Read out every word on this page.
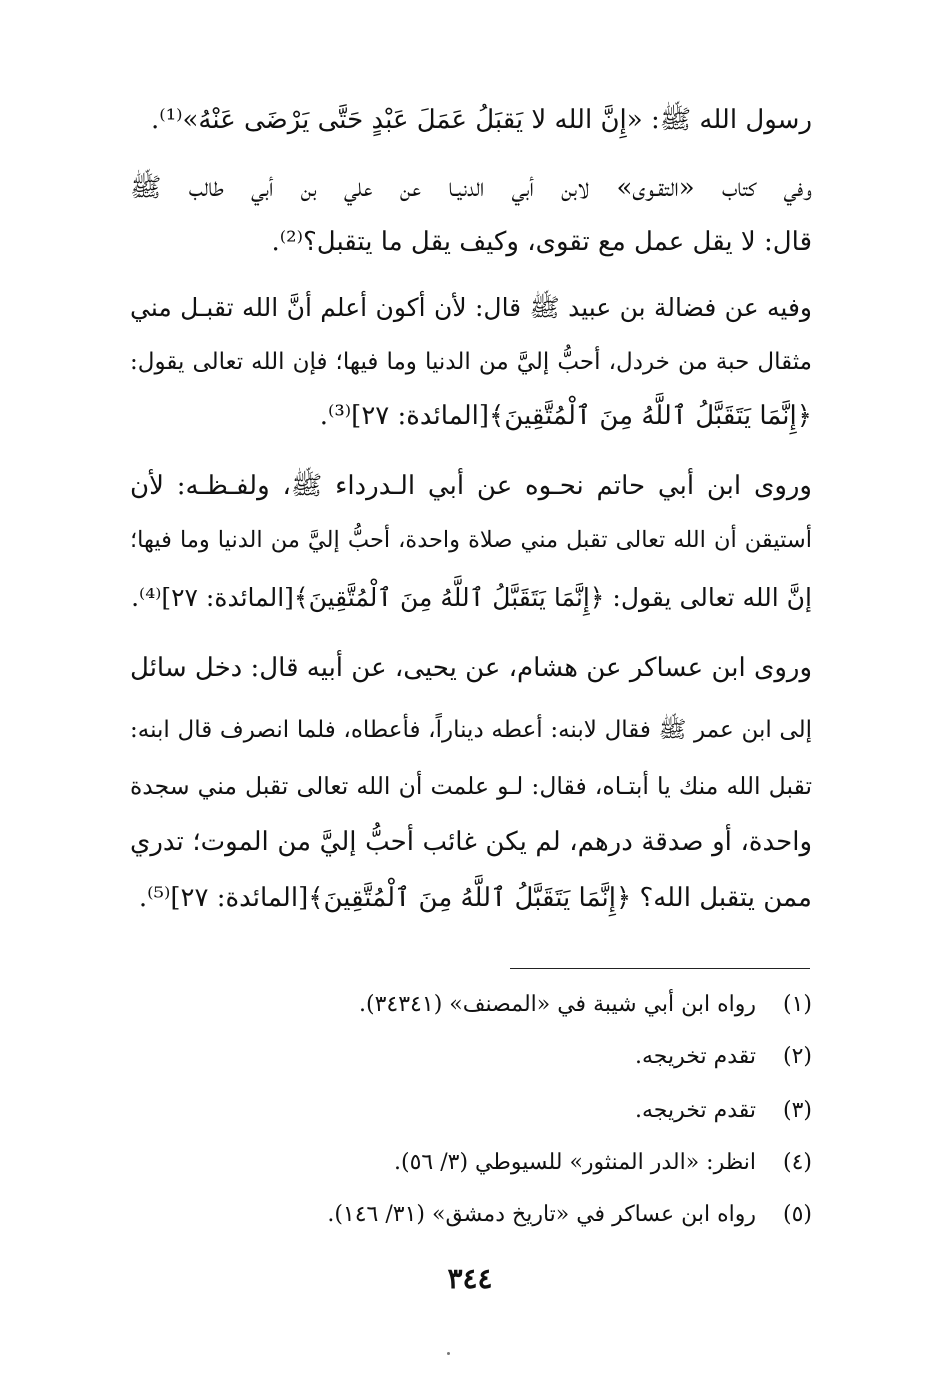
رسول الله ﷺ: «إِنَّ الله لا يَقبَلُ عَمَلَ عَبْدٍ حَتَّى يَرْضَى عَنْهُ»⁽¹⁾.
وفي كتاب «التقـوى» لابن أبي الدنيـا عن علي بن أبي طالب ﷺ
قال: لا يقل عمل مع تقوى، وكيف يقل ما يتقبل؟⁽²⁾.
وفيه عن فضالة بن عبيد ﷺ قال: لأن أكون أعلم أنَّ الله تقبـل مني
مثقال حبة من خردل، أحبُّ إليَّ من الدنيا وما فيها؛ فإن الله تعالى يقول:
﴿إِنَّمَا يَتَقَبَّلُ ٱللَّهُ مِنَ ٱلْمُتَّقِينَ﴾[المائدة: ٢٧]⁽³⁾.
وروى ابن أبي حاتم نحـوه عن أبي الـدرداء ﷺ، ولفـظـه: لأن
أستيقن أن الله تعالى تقبل مني صلاة واحدة، أحبُّ إليَّ من الدنيا وما فيها؛
إنَّ الله تعالى يقول: ﴿إِنَّمَا يَتَقَبَّلُ ٱللَّهُ مِنَ ٱلْمُتَّقِينَ﴾[المائدة: ٢٧]⁽⁴⁾.
وروى ابن عساكر عن هشام، عن يحيى، عن أبيه قال: دخل سائل
إلى ابن عمر ﷺ فقال لابنه: أعطه ديناراً، فأعطاه، فلما انصرف قال ابنه:
تقبل الله منك يا أبتـاه، فقال: لـو علمت أن الله تعالى تقبل مني سجدة
واحدة، أو صدقة درهم، لم يكن غائب أحبُّ إليَّ من الموت؛ تدري
ممن يتقبل الله؟ ﴿إِنَّمَا يَتَقَبَّلُ ٱللَّهُ مِنَ ٱلْمُتَّقِينَ﴾[المائدة: ٢٧]⁽⁵⁾.
(١)رواه ابن أبي شيبة في «المصنف» (٣٤٣٤١).
(٢)تقدم تخريجه.
(٣)تقدم تخريجه.
(٤)انظر: «الدر المنثور» للسيوطي (٣/ ٥٦).
(٥)رواه ابن عساكر في «تاريخ دمشق» (٣١/ ١٤٦).
٣٤٤
